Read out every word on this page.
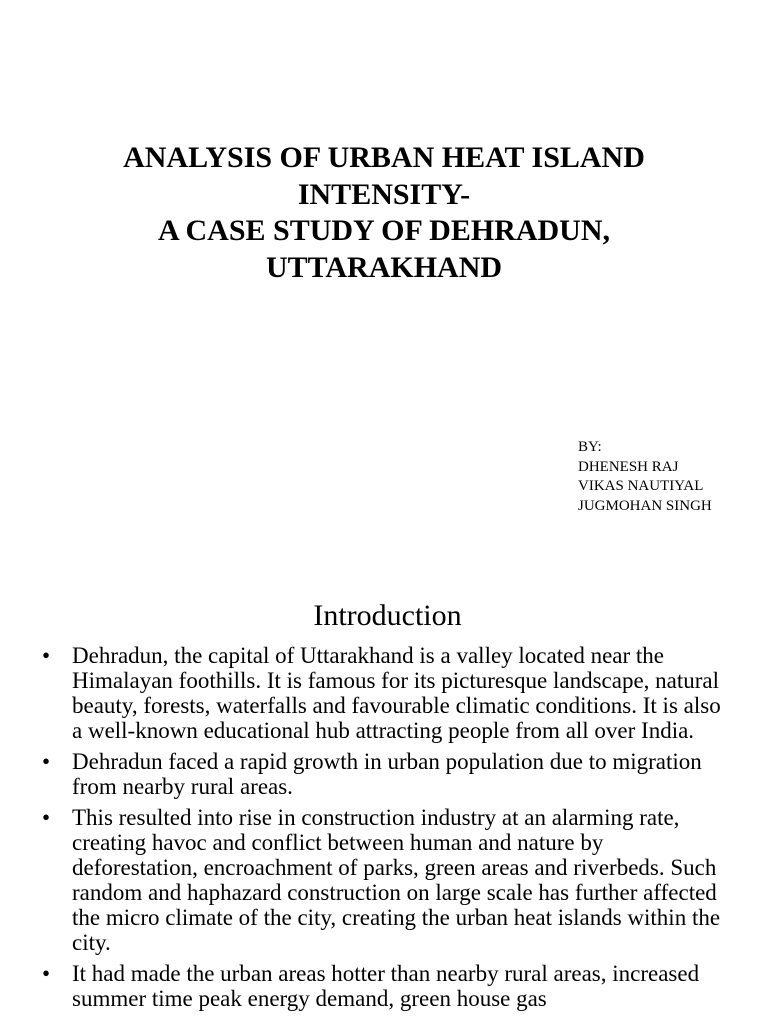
ANALYSIS OF URBAN HEAT ISLAND
INTENSITY-
A CASE STUDY OF DEHRADUN,
UTTARAKHAND
BY:
DHENESH RAJ
VIKAS NAUTIYAL
JUGMOHAN SINGH
Introduction
• Dehradun, the capital of Uttarakhand is a valley located near the Himalayan foothills. It is famous for its picturesque landscape, natural beauty, forests, waterfalls and favourable climatic conditions. It is also a well-known educational hub attracting people from all over India.
• Dehradun faced a rapid growth in urban population due to migration from nearby rural areas.
• This resulted into rise in construction industry at an alarming rate, creating havoc and conflict between human and nature by deforestation, encroachment of parks, green areas and riverbeds. Such random and haphazard construction on large scale has further affected the micro climate of the city, creating the urban heat islands within the city.
• It had made the urban areas hotter than nearby rural areas, increased summer time peak energy demand, green house gas
